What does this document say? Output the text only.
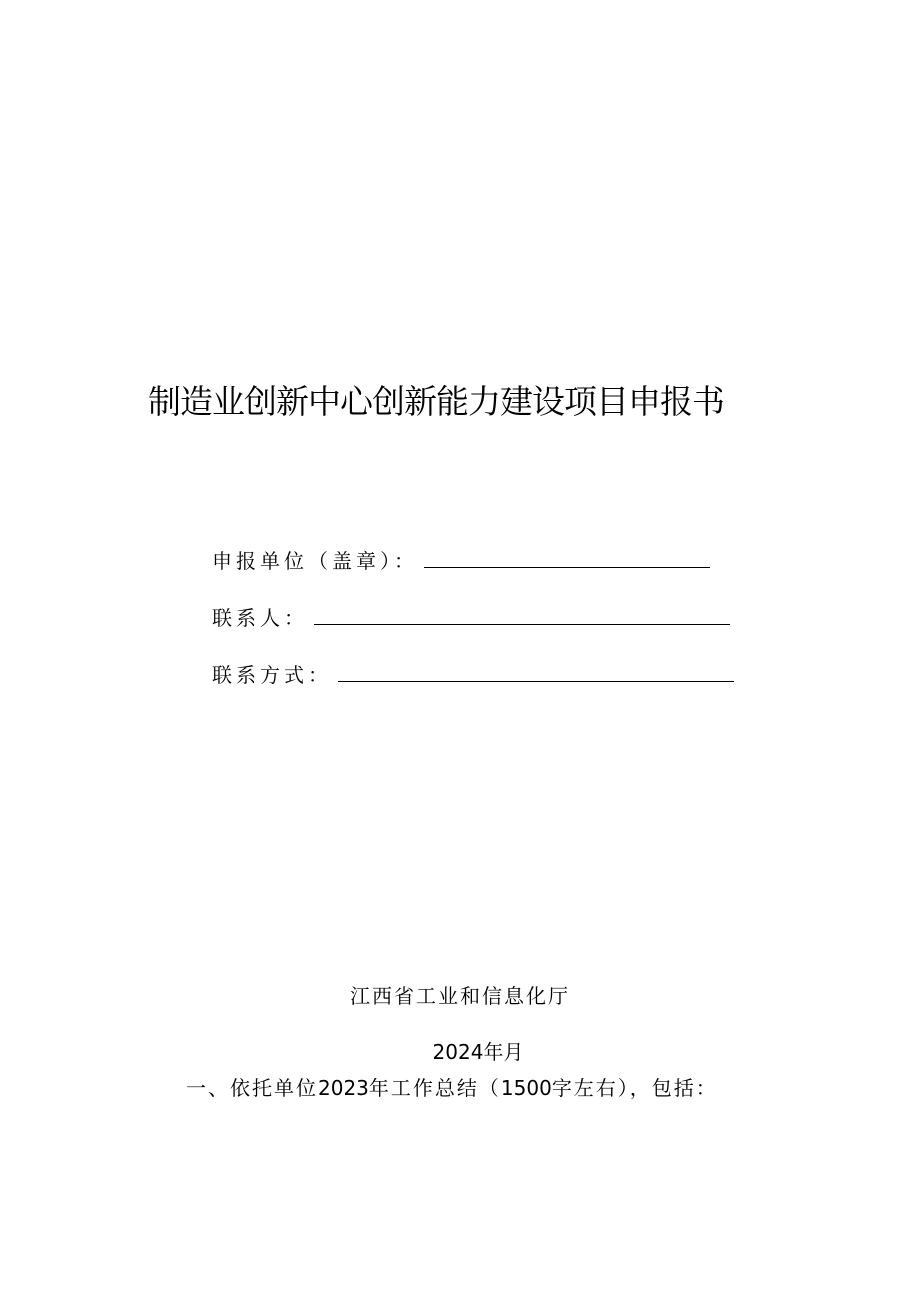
制造业创新中心创新能力建设项目申报书
申报单位（盖章）：
联系人：
联系方式：
江西省工业和信息化厅
2024年月
一、依托单位2023年工作总结（1500字左右），包括：
